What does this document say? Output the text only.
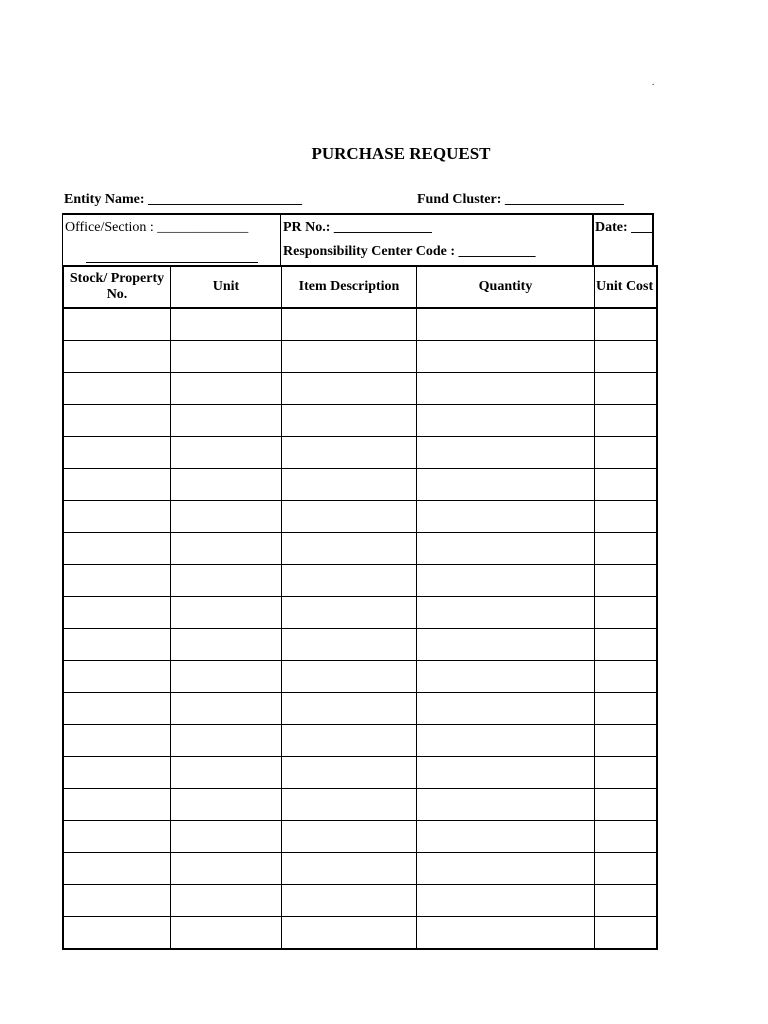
.
PURCHASE REQUEST
Entity Name: ______________________	Fund Cluster: _________________
Office/Section : _____________ PR No.: ______________
Responsibility Center Code : ___________
Date: ___
Stock/ Property
No.	Unit	Item Description	Quantity	Unit Cost
